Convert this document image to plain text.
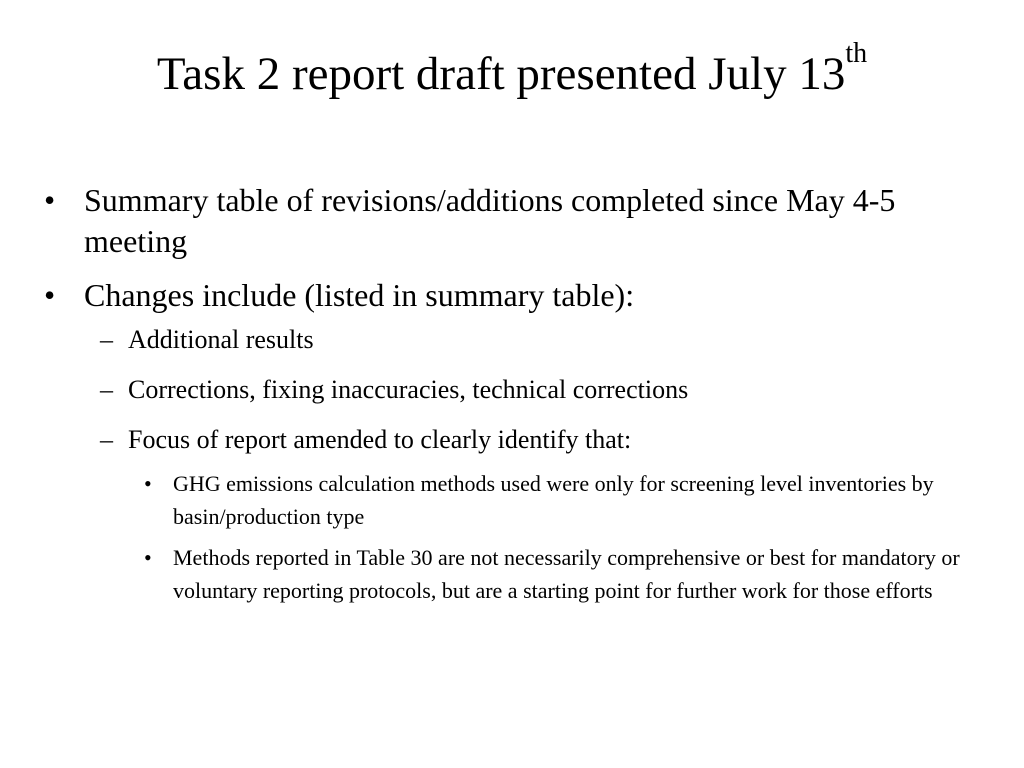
Task 2 report draft presented July 13th
• Summary table of revisions/additions completed since May 4-5 meeting
• Changes include (listed in summary table):
– Additional results
– Corrections, fixing inaccuracies, technical corrections
– Focus of report amended to clearly identify that:
• GHG emissions calculation methods used were only for screening level inventories by basin/production type
• Methods reported in Table 30 are not necessarily comprehensive or best for mandatory or voluntary reporting protocols, but are a starting point for further work for those efforts
